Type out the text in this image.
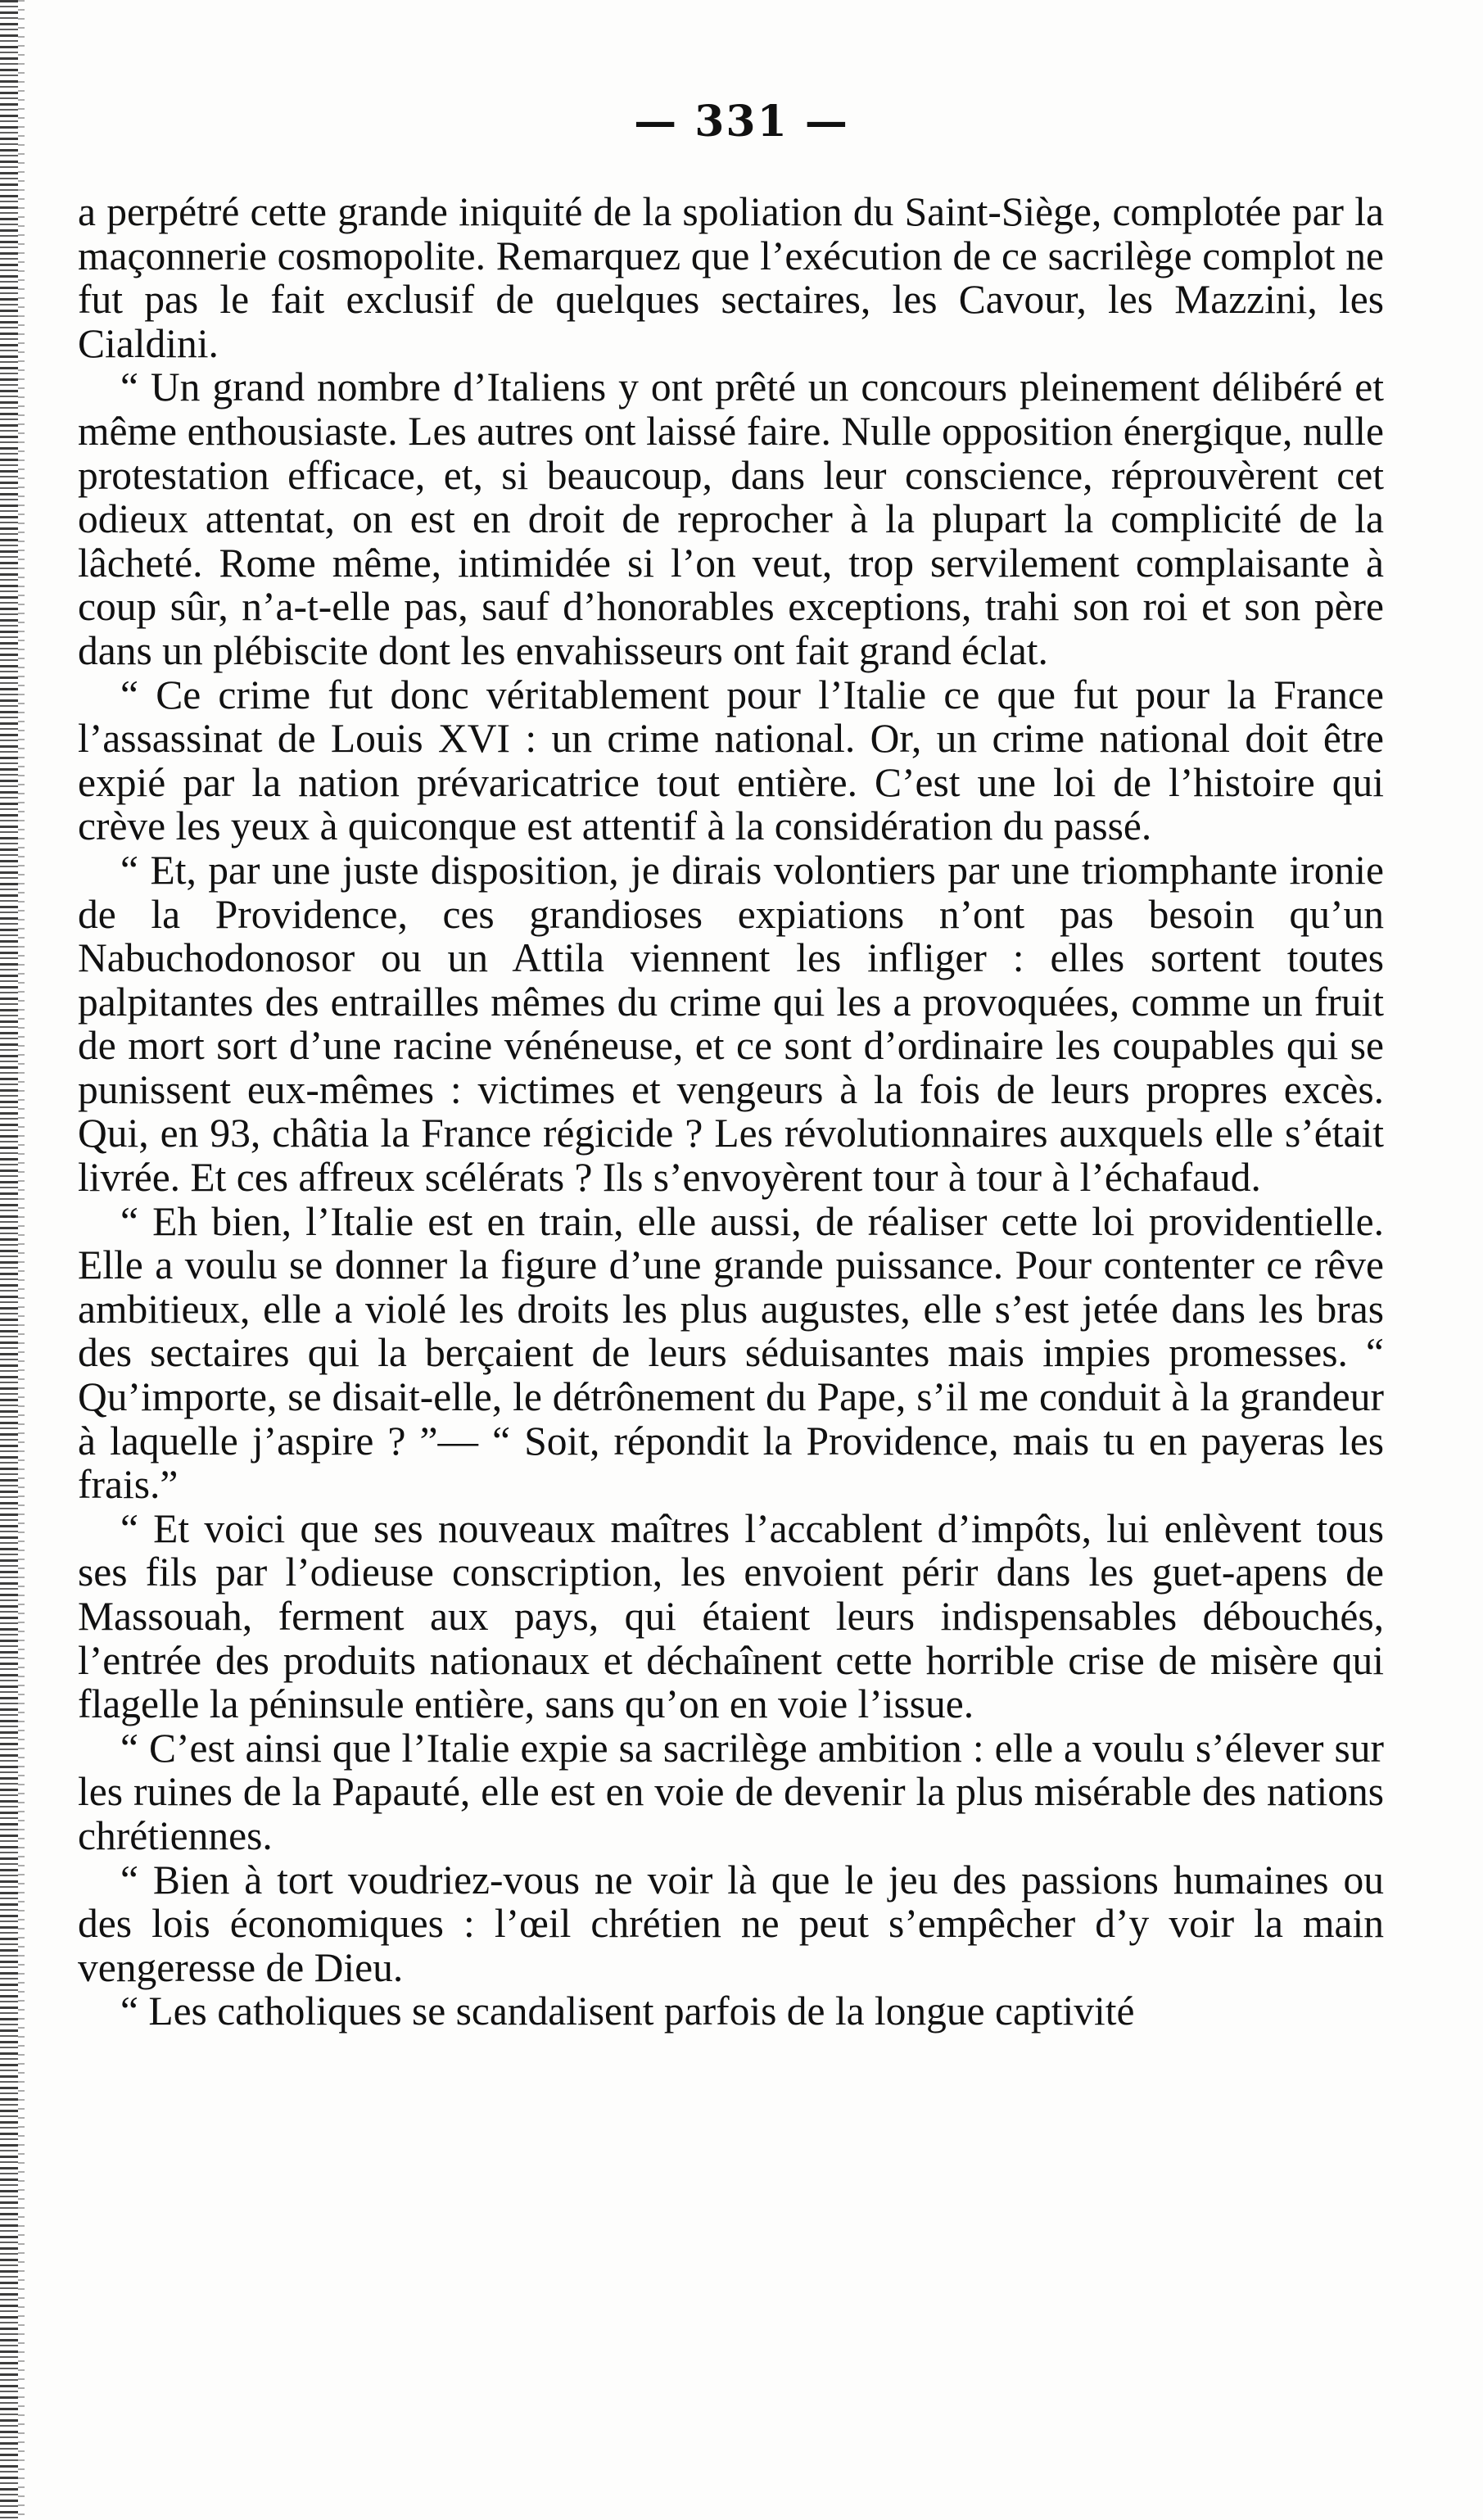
— 331 —

a perpétré cette grande iniquité de la spoliation du Saint-Siège, complotée par la maçonnerie cosmopolite. Remarquez que l’exécution de ce sacrilège complot ne fut pas le fait exclusif de quelques sectaires, les Cavour, les Mazzini, les Cialdini.

“ Un grand nombre d’Italiens y ont prêté un concours pleinement délibéré et même enthousiaste. Les autres ont laissé faire. Nulle opposition énergique, nulle protestation efficace, et, si beaucoup, dans leur conscience, réprouvèrent cet odieux attentat, on est en droit de reprocher à la plupart la complicité de la lâcheté. Rome même, intimidée si l’on veut, trop servilement complaisante à coup sûr, n’a-t-elle pas, sauf d’honorables exceptions, trahi son roi et son père dans un plébiscite dont les envahisseurs ont fait grand éclat.

“ Ce crime fut donc véritablement pour l’Italie ce que fut pour la France l’assassinat de Louis XVI : un crime national. Or, un crime national doit être expié par la nation prévaricatrice tout entière. C’est une loi de l’histoire qui crève les yeux à quiconque est attentif à la considération du passé.

“ Et, par une juste disposition, je dirais volontiers par une triomphante ironie de la Providence, ces grandioses expiations n’ont pas besoin qu’un Nabuchodonosor ou un Attila viennent les infliger : elles sortent toutes palpitantes des entrailles mêmes du crime qui les a provoquées, comme un fruit de mort sort d’une racine vénéneuse, et ce sont d’ordinaire les coupables qui se punissent eux-mêmes : victimes et vengeurs à la fois de leurs propres excès. Qui, en 93, châtia la France régicide ? Les révolutionnaires auxquels elle s’était livrée. Et ces affreux scélérats ? Ils s’envoyèrent tour à tour à l’échafaud.

“ Eh bien, l’Italie est en train, elle aussi, de réaliser cette loi providentielle. Elle a voulu se donner la figure d’une grande puissance. Pour contenter ce rêve ambitieux, elle a violé les droits les plus augustes, elle s’est jetée dans les bras des sectaires qui la berçaient de leurs séduisantes mais impies promesses. “ Qu’importe, se disait-elle, le détrônement du Pape, s’il me conduit à la grandeur à laquelle j’aspire ? ”— “ Soit, répondit la Providence, mais tu en payeras les frais.”

“ Et voici que ses nouveaux maîtres l’accablent d’impôts, lui enlèvent tous ses fils par l’odieuse conscription, les envoient périr dans les guet-apens de Massouah, ferment aux pays, qui étaient leurs indispensables débouchés, l’entrée des produits nationaux et déchaînent cette horrible crise de misère qui flagelle la péninsule entière, sans qu’on en voie l’issue.

“ C’est ainsi que l’Italie expie sa sacrilège ambition : elle a voulu s’élever sur les ruines de la Papauté, elle est en voie de devenir la plus misérable des nations chrétiennes.

“ Bien à tort voudriez-vous ne voir là que le jeu des passions humaines ou des lois économiques : l’œil chrétien ne peut s’empêcher d’y voir la main vengeresse de Dieu.

“ Les catholiques se scandalisent parfois de la longue captivité
